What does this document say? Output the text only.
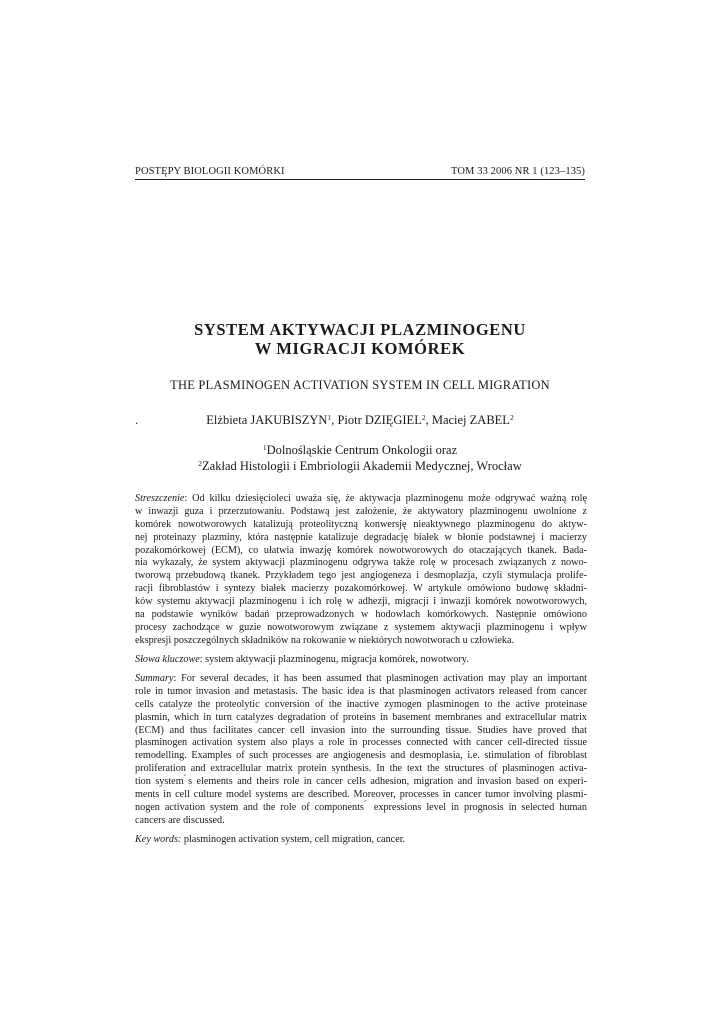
POSTĘPY BIOLOGII KOMÓRKI	TOM 33 2006 NR 1 (123–135)
SYSTEM AKTYWACJI PLAZMINOGENU
W MIGRACJI KOMÓREK
THE PLASMINOGEN ACTIVATION SYSTEM IN CELL MIGRATION
.	Elżbieta JAKUBISZYN$^1$, Piotr DZIĘGIEL$^2$, Maciej ZABEL$^2$
$^1$Dolnośląskie Centrum Onkologii oraz
$^2$Zakład Histologii i Embriologii Akademii Medycznej, Wrocław
Streszczenie: Od kilku dziesięcioleci uważa się, że aktywacja plazminogenu może odgrywać ważną rolę
w inwazji guza i przerzutowaniu. Podstawą jest założenie, że aktywatory plazminogenu uwolnione z
komórek nowotworowych katalizują proteolityczną konwersję nieaktywnego plazminogenu do aktyw-
nej proteinazy plazminy, która następnie katalizuje degradację białek w błonie podstawnej i macierzy
pozakomórkowej (ECM), co ułatwia inwazję komórek nowotworowych do otaczających tkanek. Bada-
nia wykazały, że system aktywacji plazminogenu odgrywa także rolę w procesach związanych z nowo-
tworową przebudową tkanek. Przykładem tego jest angiogeneza i desmoplazja, czyli stymulacja prolife-
racji fibroblastów i syntezy białek macierzy pozakomórkowej. W artykule omówiono budowę składni-
ków systemu aktywacji plazminogenu i ich rolę w adhezji, migracji i inwazji komórek nowotworowych,
na podstawie wyników badań przeprowadzonych w hodowlach komórkowych. Następnie omówiono
procesy zachodzące w guzie nowotworowym związane z systemem aktywacji plazminogenu i wpływ
ekspresji poszczególnych składników na rokowanie w niektórych nowotworach u człowieka.
Słowa kluczowe: system aktywacji plazminogenu, migracja komórek, nowotwory.
Summary: For several decades, it has been assumed that plasminogen activation may play an important
role in tumor invasion and metastasis. The basic idea is that plasminogen activators released from cancer
cells catalyze the proteolytic conversion of the inactive zymogen plasminogen to the active proteinase
plasmin, which in turn catalyzes degradation of proteins in basement membranes and extracellular matrix
(ECM) and thus facilitates cancer cell invasion into the surrounding tissue. Studies have proved that
plasminogen activation system also plays a role in processes connected with cancer cell-directed tissue
remodelling. Examples of such processes are angiogenesis and desmoplasia, i.e. stimulation of fibroblast
proliferation and extracellular matrix protein synthesis. In the text the structures of plasminogen activa-
tion system ́s elements and theirs role in cancer cells adhesion, migration and invasion based on experi-
ments in cell culture model systems are described. Moreover, processes in cancer tumor involving plasmi-
nogen activation system and the role of components ́ expressions level in prognosis in selected human
cancers are discussed.
Key words: plasminogen activation system, cell migration, cancer.
